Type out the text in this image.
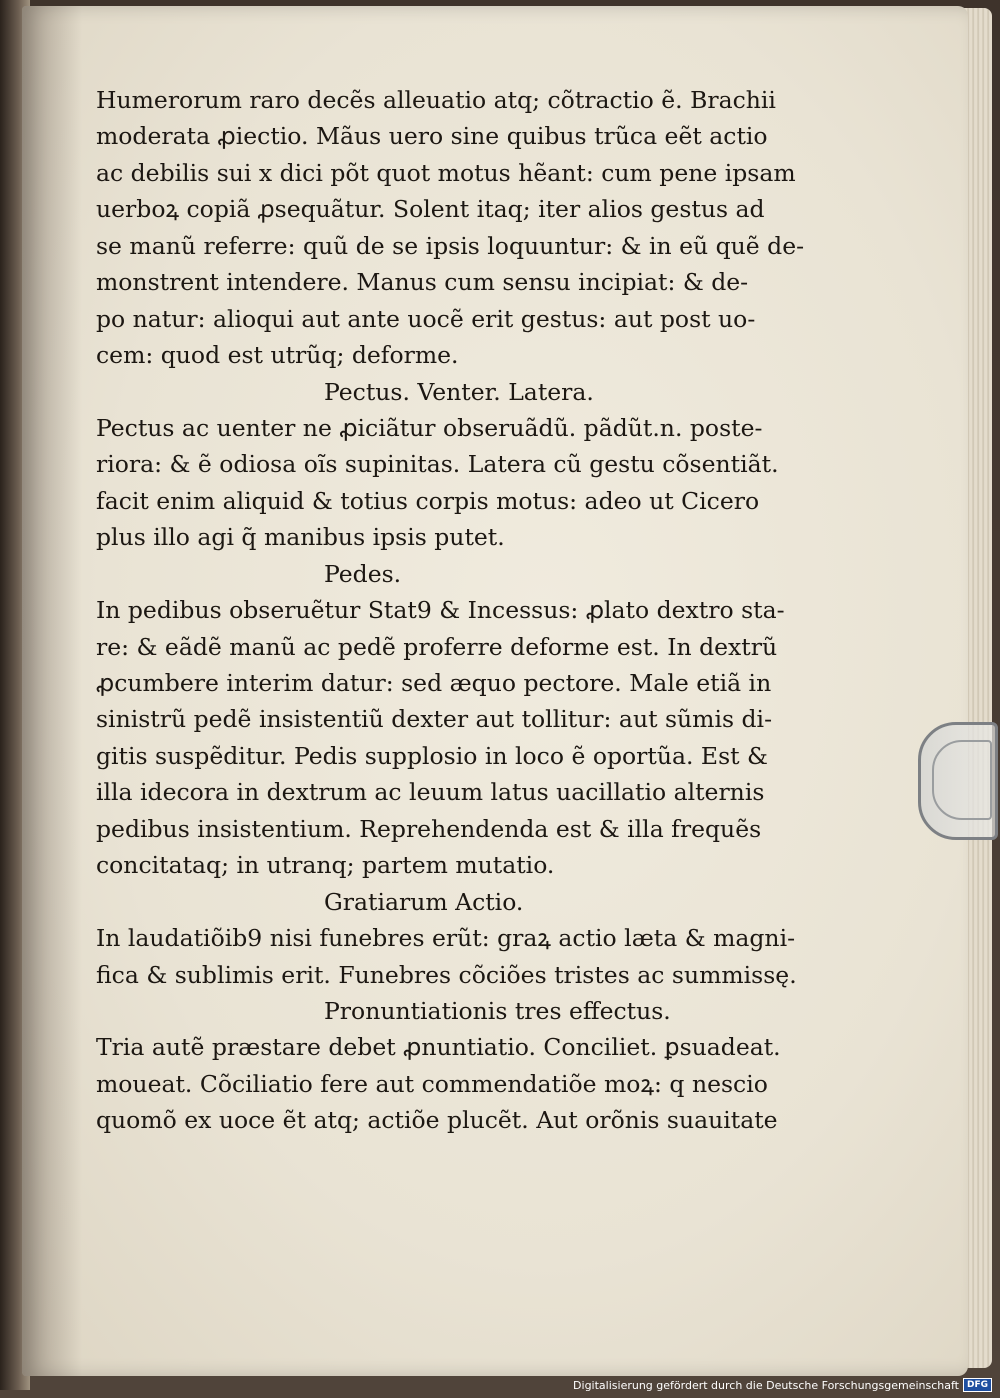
Humerorum raro decẽs alleuatio atq; cõtractio ẽ. Brachii
moderata ꝓiectio. Mãus uero sine quibus trũca eẽt actio
ac debilis sui x dici põt quot motus hẽant: cum pene ipsam
uerboꝝ copiã ꝓsequãtur. Solent itaq; iter alios gestus ad
se manũ referre: quũ de se ipsis loquuntur: & in eũ quẽ de-
monstrent intendere. Manus cum sensu incipiat: & de-
po natur: alioqui aut ante uocẽ erit gestus: aut post uo-
cem: quod est utrũq; deforme.
Pectus. Venter. Latera.
Pectus ac uenter ne ꝓiciãtur obseruãdũ. pãdũt.n. poste-
riora: & ẽ odiosa oĩs supinitas. Latera cũ gestu cõsentiãt.
facit enim aliquid & totius corpis motus: adeo ut Cicero
plus illo agi q̃ manibus ipsis putet.
Pedes.
In pedibus obseruẽtur Stat9 & Incessus: ꝓlato dextro sta-
re: & eãdẽ manũ ac pedẽ proferre deforme est. In dextrũ
ꝓcumbere interim datur: sed æquo pectore. Male etiã in
sinistrũ pedẽ insistentiũ dexter aut tollitur: aut sũmis di-
gitis suspẽditur. Pedis supplosio in loco ẽ oportũa. Est &
illa idecora in dextrum ac leuum latus uacillatio alternis
pedibus insistentium. Reprehendenda est & illa frequẽs
concitataq; in utranq; partem mutatio.
Gratiarum Actio.
In laudatiõib9 nisi funebres erũt: graꝝ actio læta & magni-
fica & sublimis erit. Funebres cõciões tristes ac summissę.
Pronuntiationis tres effectus.
Tria autẽ præstare debet ꝓnuntiatio. Conciliet. ꝑsuadeat.
moueat. Cõciliatio fere aut commendatiõe moꝝ: q nescio
quomõ ex uoce ẽt atq; actiõe plucẽt. Aut orõnis suauitate
Digitalisierung gefördert durch die Deutsche Forschungsgemeinschaft DFG
